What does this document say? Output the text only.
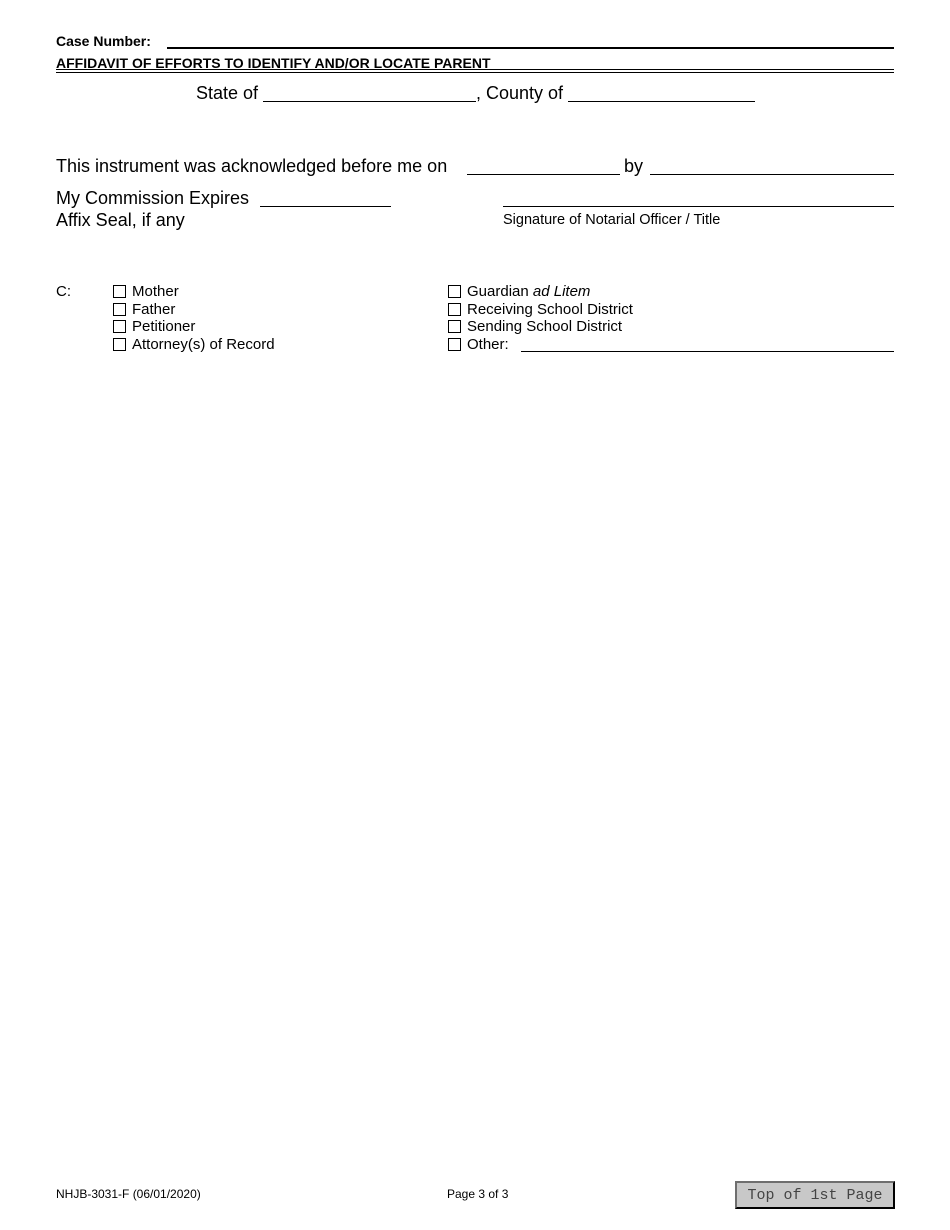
Case Number:
AFFIDAVIT OF EFFORTS TO IDENTIFY AND/OR LOCATE PARENT
State of	, County of
This instrument was acknowledged before me on	by
My Commission Expires
Affix Seal, if any	Signature of Notarial Officer / Title
C:	Mother
Father
Petitioner
Attorney(s) of Record
Guardian ad Litem
Receiving School District
Sending School District
Other:
NHJB-3031-F (06/01/2020)	Page 3 of 3	Top of 1st Page
